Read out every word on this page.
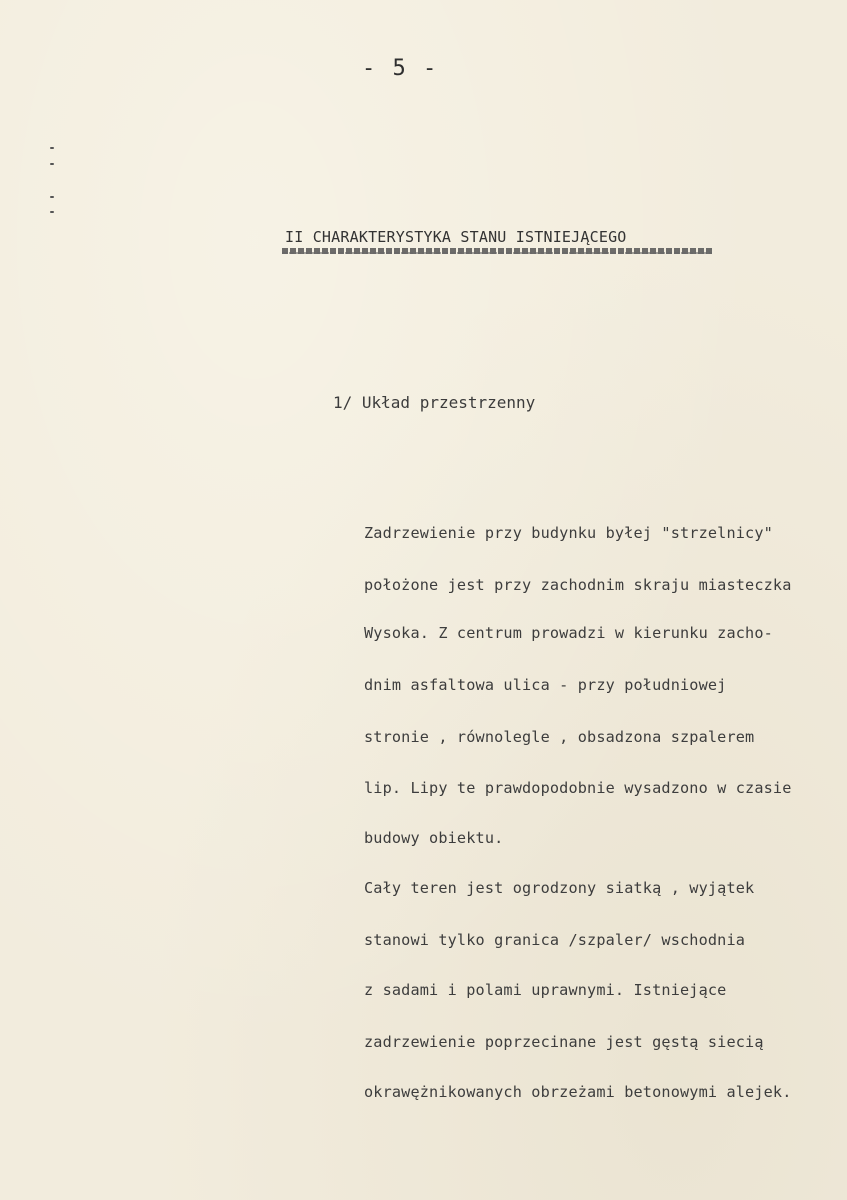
- 5 -
II CHARAKTERYSTYKA STANU ISTNIEJĄCEGO
1/ Układ przestrzenny
Zadrzewienie przy budynku byłej "strzelnicy"
położone jest przy zachodnim skraju miasteczka
Wysoka. Z centrum prowadzi w kierunku zacho-
dnim asfaltowa ulica - przy południowej
stronie , równolegle , obsadzona szpalerem
lip. Lipy te prawdopodobnie wysadzono w czasie
budowy obiektu.
Cały teren jest ogrodzony siatką , wyjątek
stanowi tylko granica /szpaler/ wschodnia
z sadami i polami uprawnymi. Istniejące
zadrzewienie poprzecinane jest gęstą siecią
okrawężnikowanych obrzeżami betonowymi alejek.
